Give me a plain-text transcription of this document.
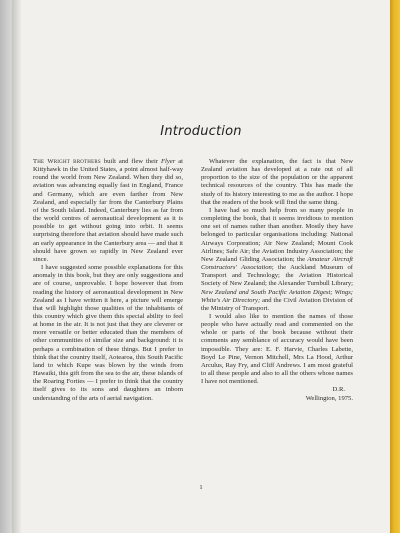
Introduction

The Wright brothers built and flew their Flyer at Kittyhawk in the United States, a point almost half-way round the world from New Zealand. When they did so, aviation was advancing equally fast in England, France and Germany, which are even farther from New Zealand, and especially far from the Canterbury Plains of the South Island. Indeed, Canterbury lies as far from the world centres of aeronautical development as it is possible to get without going into orbit. It seems surprising therefore that aviation should have made such an early appearance in the Canterbury area — and that it should have grown so rapidly in New Zealand ever since.

I have suggested some possible explanations for this anomaly in this book, but they are only suggestions and are of course, unprovable. I hope however that from reading the history of aeronautical development in New Zealand as I have written it here, a picture will emerge that will highlight those qualities of the inhabitants of this country which give them this special ability to feel at home in the air. It is not just that they are cleverer or more versatile or better educated than the members of other communities of similar size and background: it is perhaps a combination of these things. But I prefer to think that the country itself, Aotearoa, this South Pacific land to which Kupe was blown by the winds from Hawaiki, this gift from the sea to the air, these islands of the Roaring Forties — I prefer to think that the country itself gives to its sons and daughters an inborn understanding of the arts of aerial navigation.

Whatever the explanation, the fact is that New Zealand aviation has developed at a rate out of all proportion to the size of the population or the apparent technical resources of the country. This has made the study of its history interesting to me as the author. I hope that the readers of the book will find the same thing.

I have had so much help from so many people in completing the book, that it seems invidious to mention one set of names rather than another. Mostly they have belonged to particular organisations including: National Airways Corporation; Air New Zealand; Mount Cook Airlines; Safe Air; the Aviation Industry Association; the New Zealand Gliding Association; the Amateur Aircraft Constructors' Association; the Auckland Museum of Transport and Technology; the Aviation Historical Society of New Zealand; the Alexander Turnbull Library; New Zealand and South Pacific Aviation Digest; Wings; White's Air Directory; and the Civil Aviation Division of the Ministry of Transport.

I would also like to mention the names of those people who have actually read and commented on the whole or parts of the book because without their comments any semblance of accuracy would have been impossible. They are: E. F. Harvie, Charles Labette, Boyd Le Pine, Vernon Mitchell, Mrs La Hood, Arthur Arculus, Ray Fry, and Cliff Andrews. I am most grateful to all these people and also to all the others whose names I have not mentioned.

D.R.

Wellington, 1975.

1
